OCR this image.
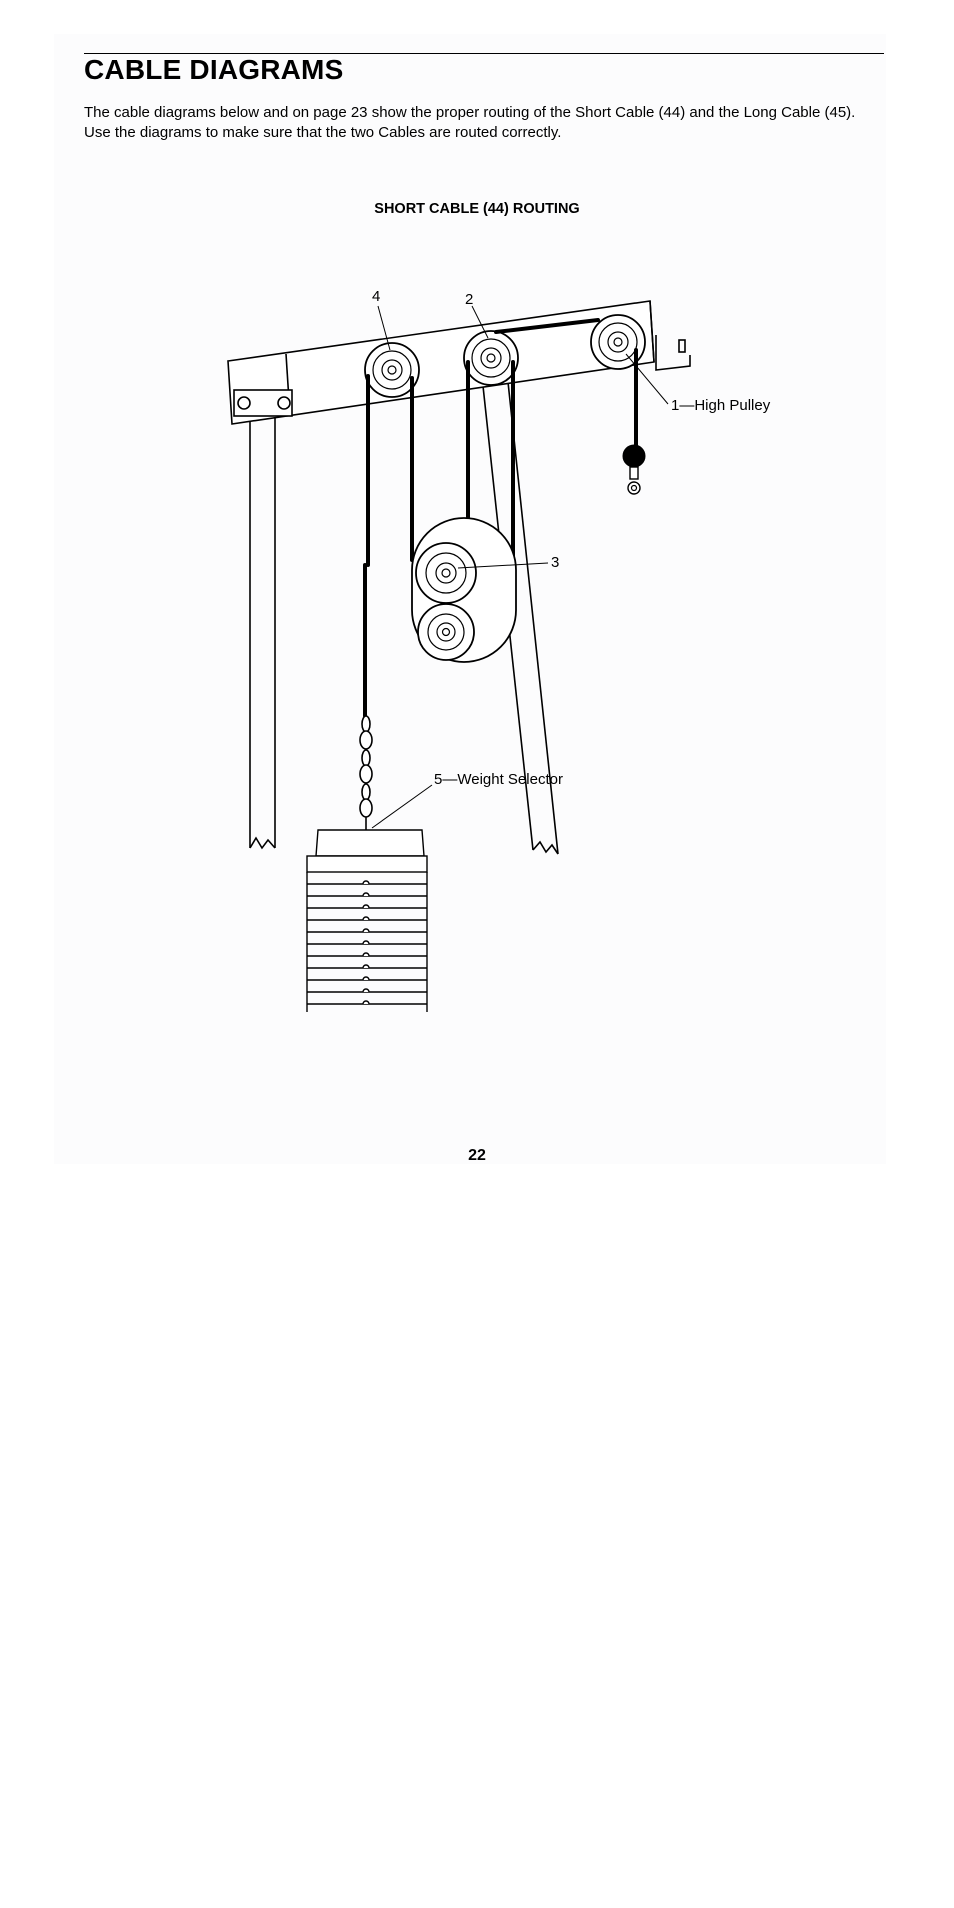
CABLE DIAGRAMS

The cable diagrams below and on page 23 show the proper routing of the Short Cable (44) and the Long Cable (45). Use the diagrams to make sure that the two Cables are routed correctly.

SHORT CABLE (44) ROUTING
4	2
1—High Pulley
3
5—Weight Selector
22
